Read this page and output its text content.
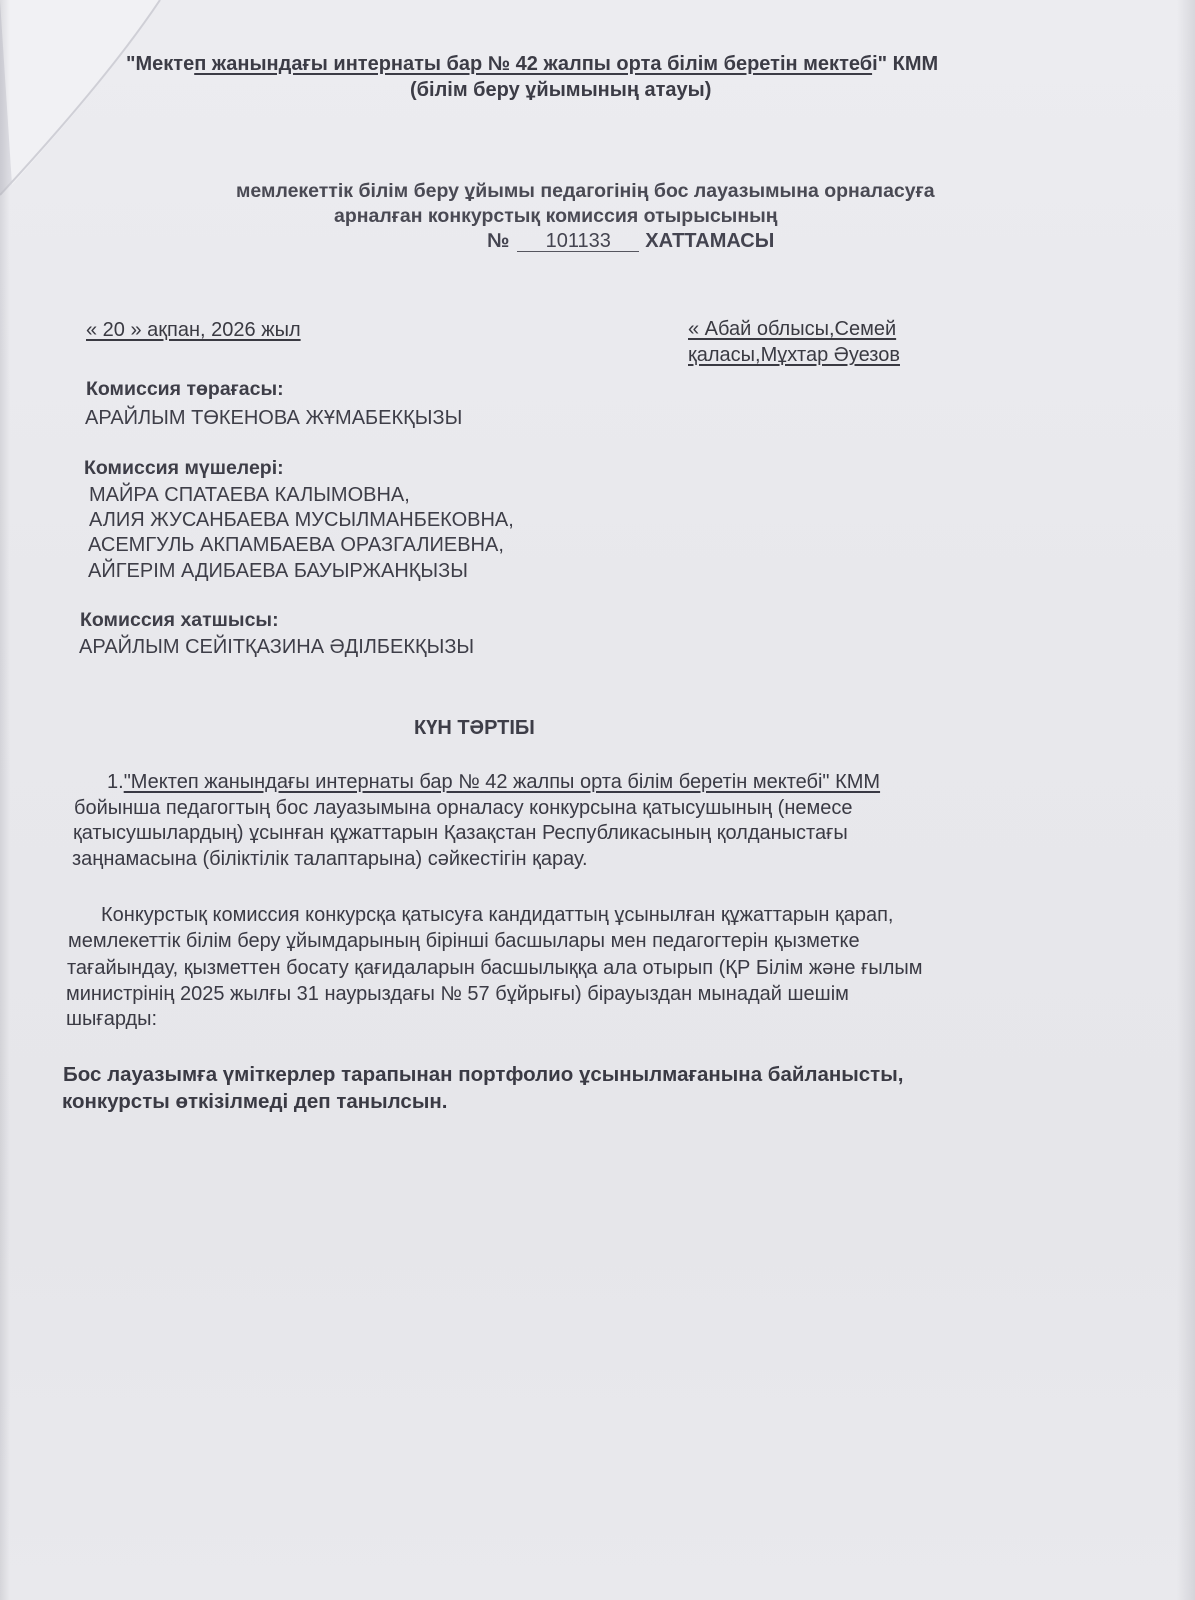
"Мектеп жанындағы интернаты бар № 42 жалпы орта білім беретін мектебі" КММ
(білім беру ұйымының атауы)
мемлекеттік білім беру ұйымы педагогінің бос лауазымына орналасуға
арналған конкурстық комиссия отырысының
№ 101133 ХАТТАМАСЫ
« 20 » ақпан, 2026 жыл	« Абай облысы,Семей
қаласы,Мұхтар Әуезов
Комиссия төрағасы:
АРАЙЛЫМ ТӨКЕНОВА ЖҰМАБЕКҚЫЗЫ
Комиссия мүшелері:
МАЙРА СПАТАЕВА КАЛЫМОВНА,
АЛИЯ ЖУСАНБАЕВА МУСЫЛМАНБЕКОВНА,
АСЕМГУЛЬ АКПАМБАЕВА ОРАЗГАЛИЕВНА,
АЙГЕРІМ АДИБАЕВА БАУЫРЖАНҚЫЗЫ
Комиссия хатшысы:
АРАЙЛЫМ СЕЙІТҚАЗИНА ӘДІЛБЕКҚЫЗЫ
КҮН ТӘРТІБІ
1."Мектеп жанындағы интернаты бар № 42 жалпы орта білім беретін мектебі" КММ
бойынша педагогтың бос лауазымына орналасу конкурсына қатысушының (немесе
қатысушылардың) ұсынған құжаттарын Қазақстан Республикасының қолданыстағы
заңнамасына (біліктілік талаптарына) сәйкестігін қарау.
Конкурстық комиссия конкурсқа қатысуға кандидаттың ұсынылған құжаттарын қарап,
мемлекеттік білім беру ұйымдарының бірінші басшылары мен педагогтерін қызметке
тағайындау, қызметтен босату қағидаларын басшылыққа ала отырып (ҚР Білім және ғылым
министрінің 2025 жылғы 31 наурыздағы № 57 бұйрығы) бірауыздан мынадай шешім
шығарды:
Бос лауазымға үміткерлер тарапынан портфолио ұсынылмағанына байланысты,
конкурсты өткізілмеді деп танылсын.
